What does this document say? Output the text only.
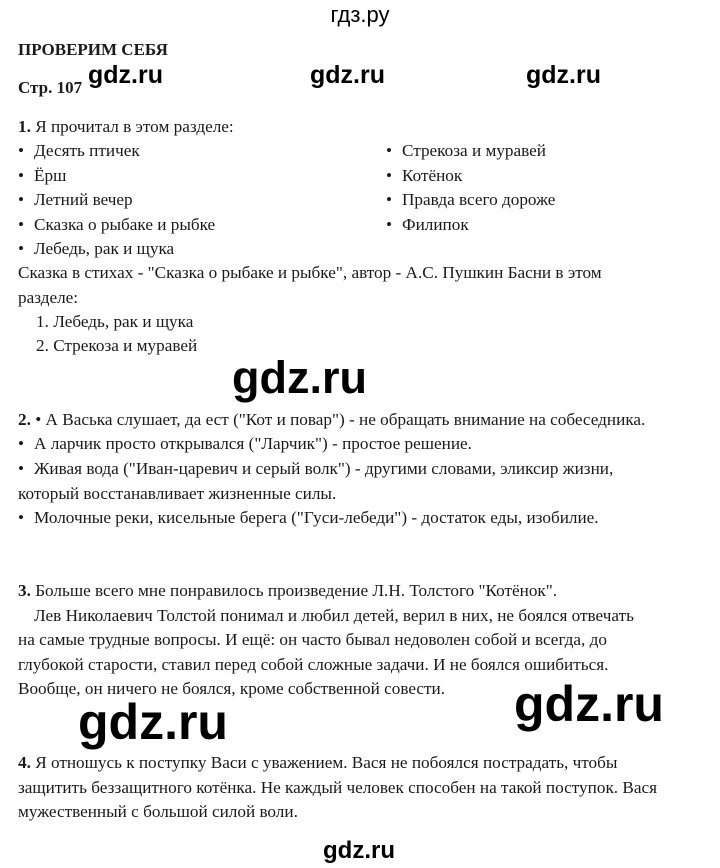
гдз.ру
ПРОВЕРИМ СЕБЯ
Стр. 107 gdz.ru	gdz.ru	gdz.ru
gdz.ru
gdz.ru
gdz.ru
gdz.ru
1. Я прочитал в этом разделе:
• Десять птичек
• Ёрш
• Летний вечер
• Сказка о рыбаке и рыбке
• Лебедь, рак и щука
• Стрекоза и муравей
• Котёнок
• Правда всего дороже
• Филипок
Сказка в стихах - "Сказка о рыбаке и рыбке", автор - А.С. Пушкин Басни в этом
разделе:
1. Лебедь, рак и щука
2. Стрекоза и муравей
2. • А Васька слушает, да ест ("Кот и повар") - не обращать внимание на собеседника.
• А ларчик просто открывался ("Ларчик") - простое решение.
• Живая вода ("Иван-царевич и серый волк") - другими словами, эликсир жизни,
который восстанавливает жизненные силы.
• Молочные реки, кисельные берега ("Гуси-лебеди") - достаток еды, изобилие.
3. Больше всего мне понравилось произведение Л.Н. Толстого "Котёнок".
Лев Николаевич Толстой понимал и любил детей, верил в них, не боялся отвечать
на самые трудные вопросы. И ещё: он часто бывал недоволен собой и всегда, до
глубокой старости, ставил перед собой сложные задачи. И не боялся ошибиться.
Вообще, он ничего не боялся, кроме собственной совести.
4. Я отношусь к поступку Васи с уважением. Вася не побоялся пострадать, чтобы
защитить беззащитного котёнка. Не каждый человек способен на такой поступок. Вася
мужественный с большой силой воли.
